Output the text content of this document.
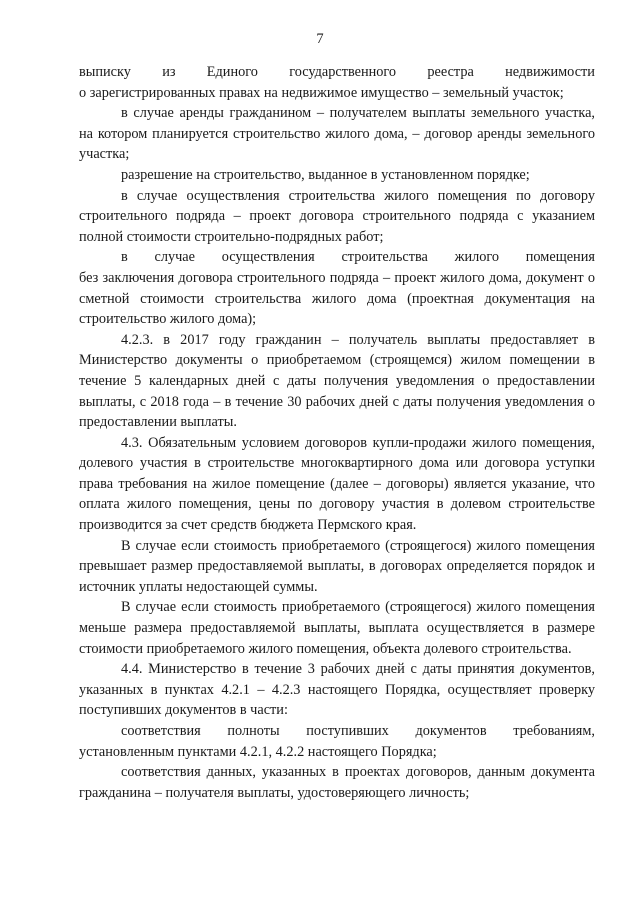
7
выписку из Единого государственного реестра недвижимости

о зарегистрированных правах на недвижимое имущество – земельный участок;

в случае аренды гражданином – получателем выплаты земельного участка, на котором планируется строительство жилого дома, – договор аренды земельного участка;

разрешение на строительство, выданное в установленном порядке;

в случае осуществления строительства жилого помещения по договору строительного подряда – проект договора строительного подряда с указанием полной стоимости строительно-подрядных работ;

в случае осуществления строительства жилого помещения

без заключения договора строительного подряда – проект жилого дома, документ о сметной стоимости строительства жилого дома (проектная документация на строительство жилого дома);

4.2.3. в 2017 году гражданин – получатель выплаты предоставляет в Министерство документы о приобретаемом (строящемся) жилом помещении в течение 5 календарных дней с даты получения уведомления о предоставлении выплаты, с 2018 года – в течение 30 рабочих дней с даты получения уведомления о предоставлении выплаты.

4.3. Обязательным условием договоров купли-продажи жилого помещения, долевого участия в строительстве многоквартирного дома или договора уступки права требования на жилое помещение (далее – договоры) является указание, что оплата жилого помещения, цены по договору участия в долевом строительстве производится за счет средств бюджета Пермского края.

В случае если стоимость приобретаемого (строящегося) жилого помещения превышает размер предоставляемой выплаты, в договорах определяется порядок и источник уплаты недостающей суммы.

В случае если стоимость приобретаемого (строящегося) жилого помещения меньше размера предоставляемой выплаты, выплата осуществляется в размере стоимости приобретаемого жилого помещения, объекта долевого строительства.

4.4. Министерство в течение 3 рабочих дней с даты принятия документов, указанных в пунктах 4.2.1 – 4.2.3 настоящего Порядка, осуществляет проверку поступивших документов в части:

соответствия полноты поступивших документов требованиям, установленным пунктами 4.2.1, 4.2.2 настоящего Порядка;

соответствия данных, указанных в проектах договоров, данным документа гражданина – получателя выплаты, удостоверяющего личность;
